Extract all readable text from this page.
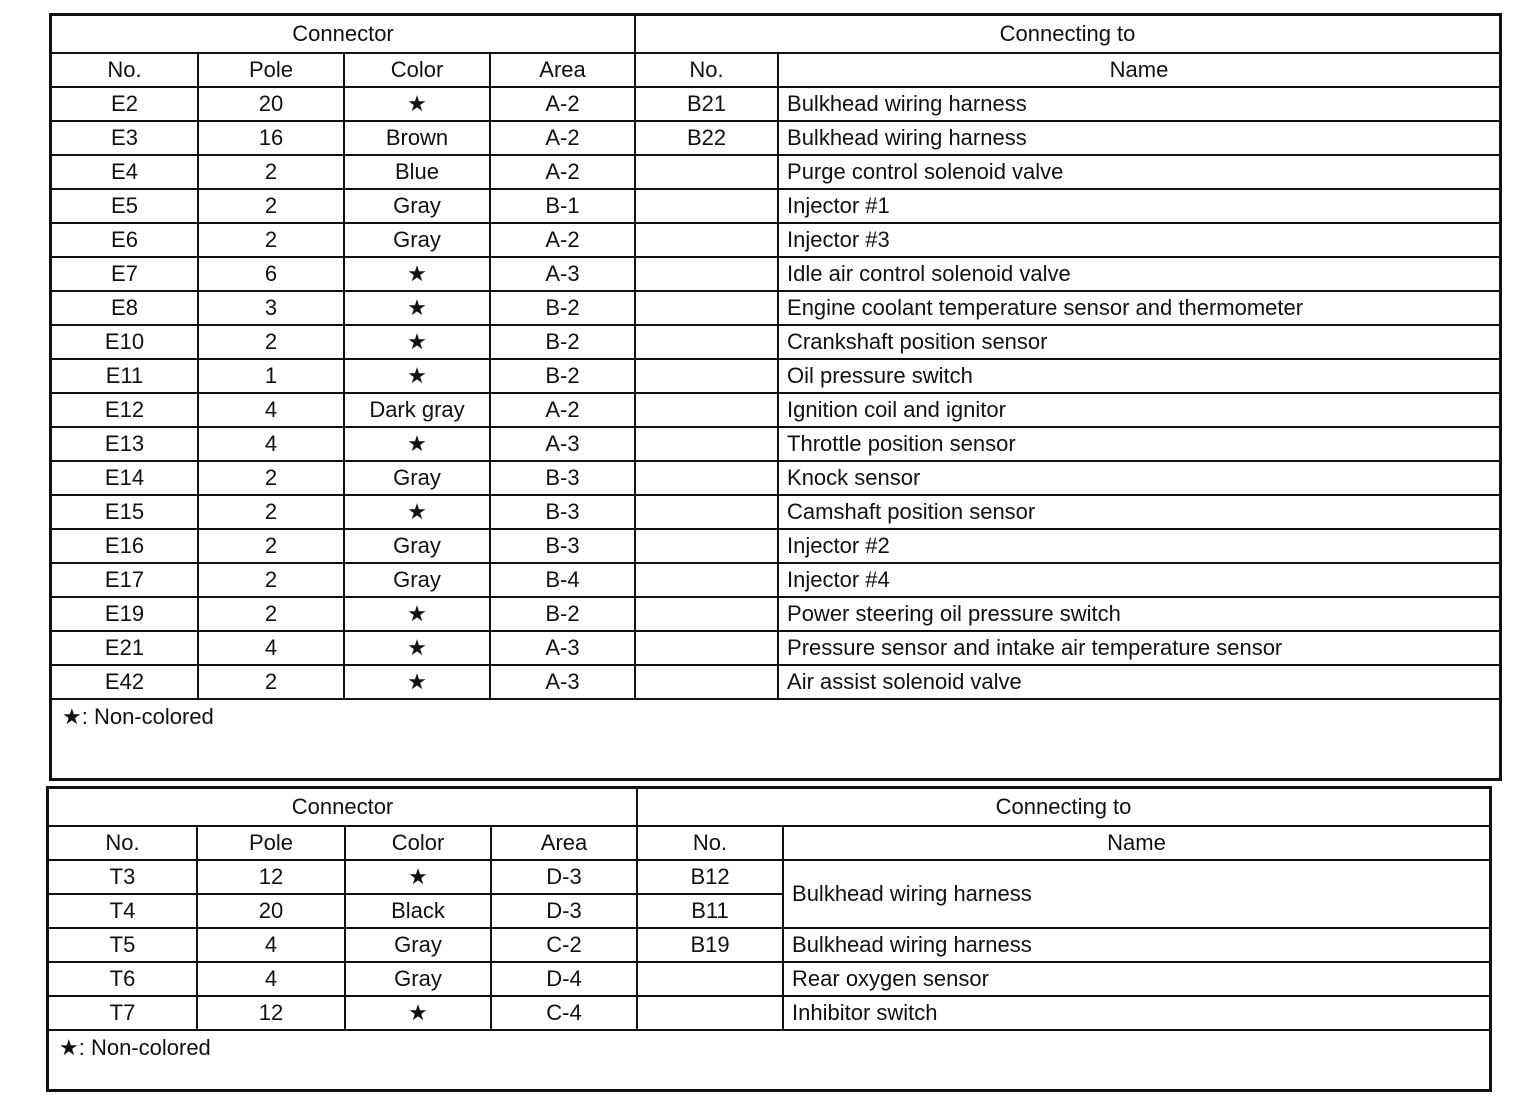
Connector				Connecting to	
No.	Pole	Color	Area	No.	Name
E2	20	★	A-2	B21	Bulkhead wiring harness
E3	16	Brown	A-2	B22	Bulkhead wiring harness
E4	2	Blue	A-2		Purge control solenoid valve
E5	2	Gray	B-1		Injector #1
E6	2	Gray	A-2		Injector #3
E7	6	★	A-3		Idle air control solenoid valve
E8	3	★	B-2		Engine coolant temperature sensor and thermometer
E10	2	★	B-2		Crankshaft position sensor
E11	1	★	B-2		Oil pressure switch
E12	4	Dark gray	A-2		Ignition coil and ignitor
E13	4	★	A-3		Throttle position sensor
E14	2	Gray	B-3		Knock sensor
E15	2	★	B-3		Camshaft position sensor
E16	2	Gray	B-3		Injector #2
E17	2	Gray	B-4		Injector #4
E19	2	★	B-2		Power steering oil pressure switch
E21	4	★	A-3		Pressure sensor and intake air temperature sensor
E42	2	★	A-3		Air assist solenoid valve
★: Non-colored
Connector				Connecting to	
No.	Pole	Color	Area	No.	Name
T3	12	★	D-3	B12	Bulkhead wiring harness
T4	20	Black	D-3	B11	
T5	4	Gray	C-2	B19	Bulkhead wiring harness
T6	4	Gray	D-4		Rear oxygen sensor
T7	12	★	C-4		Inhibitor switch
★: Non-colored
